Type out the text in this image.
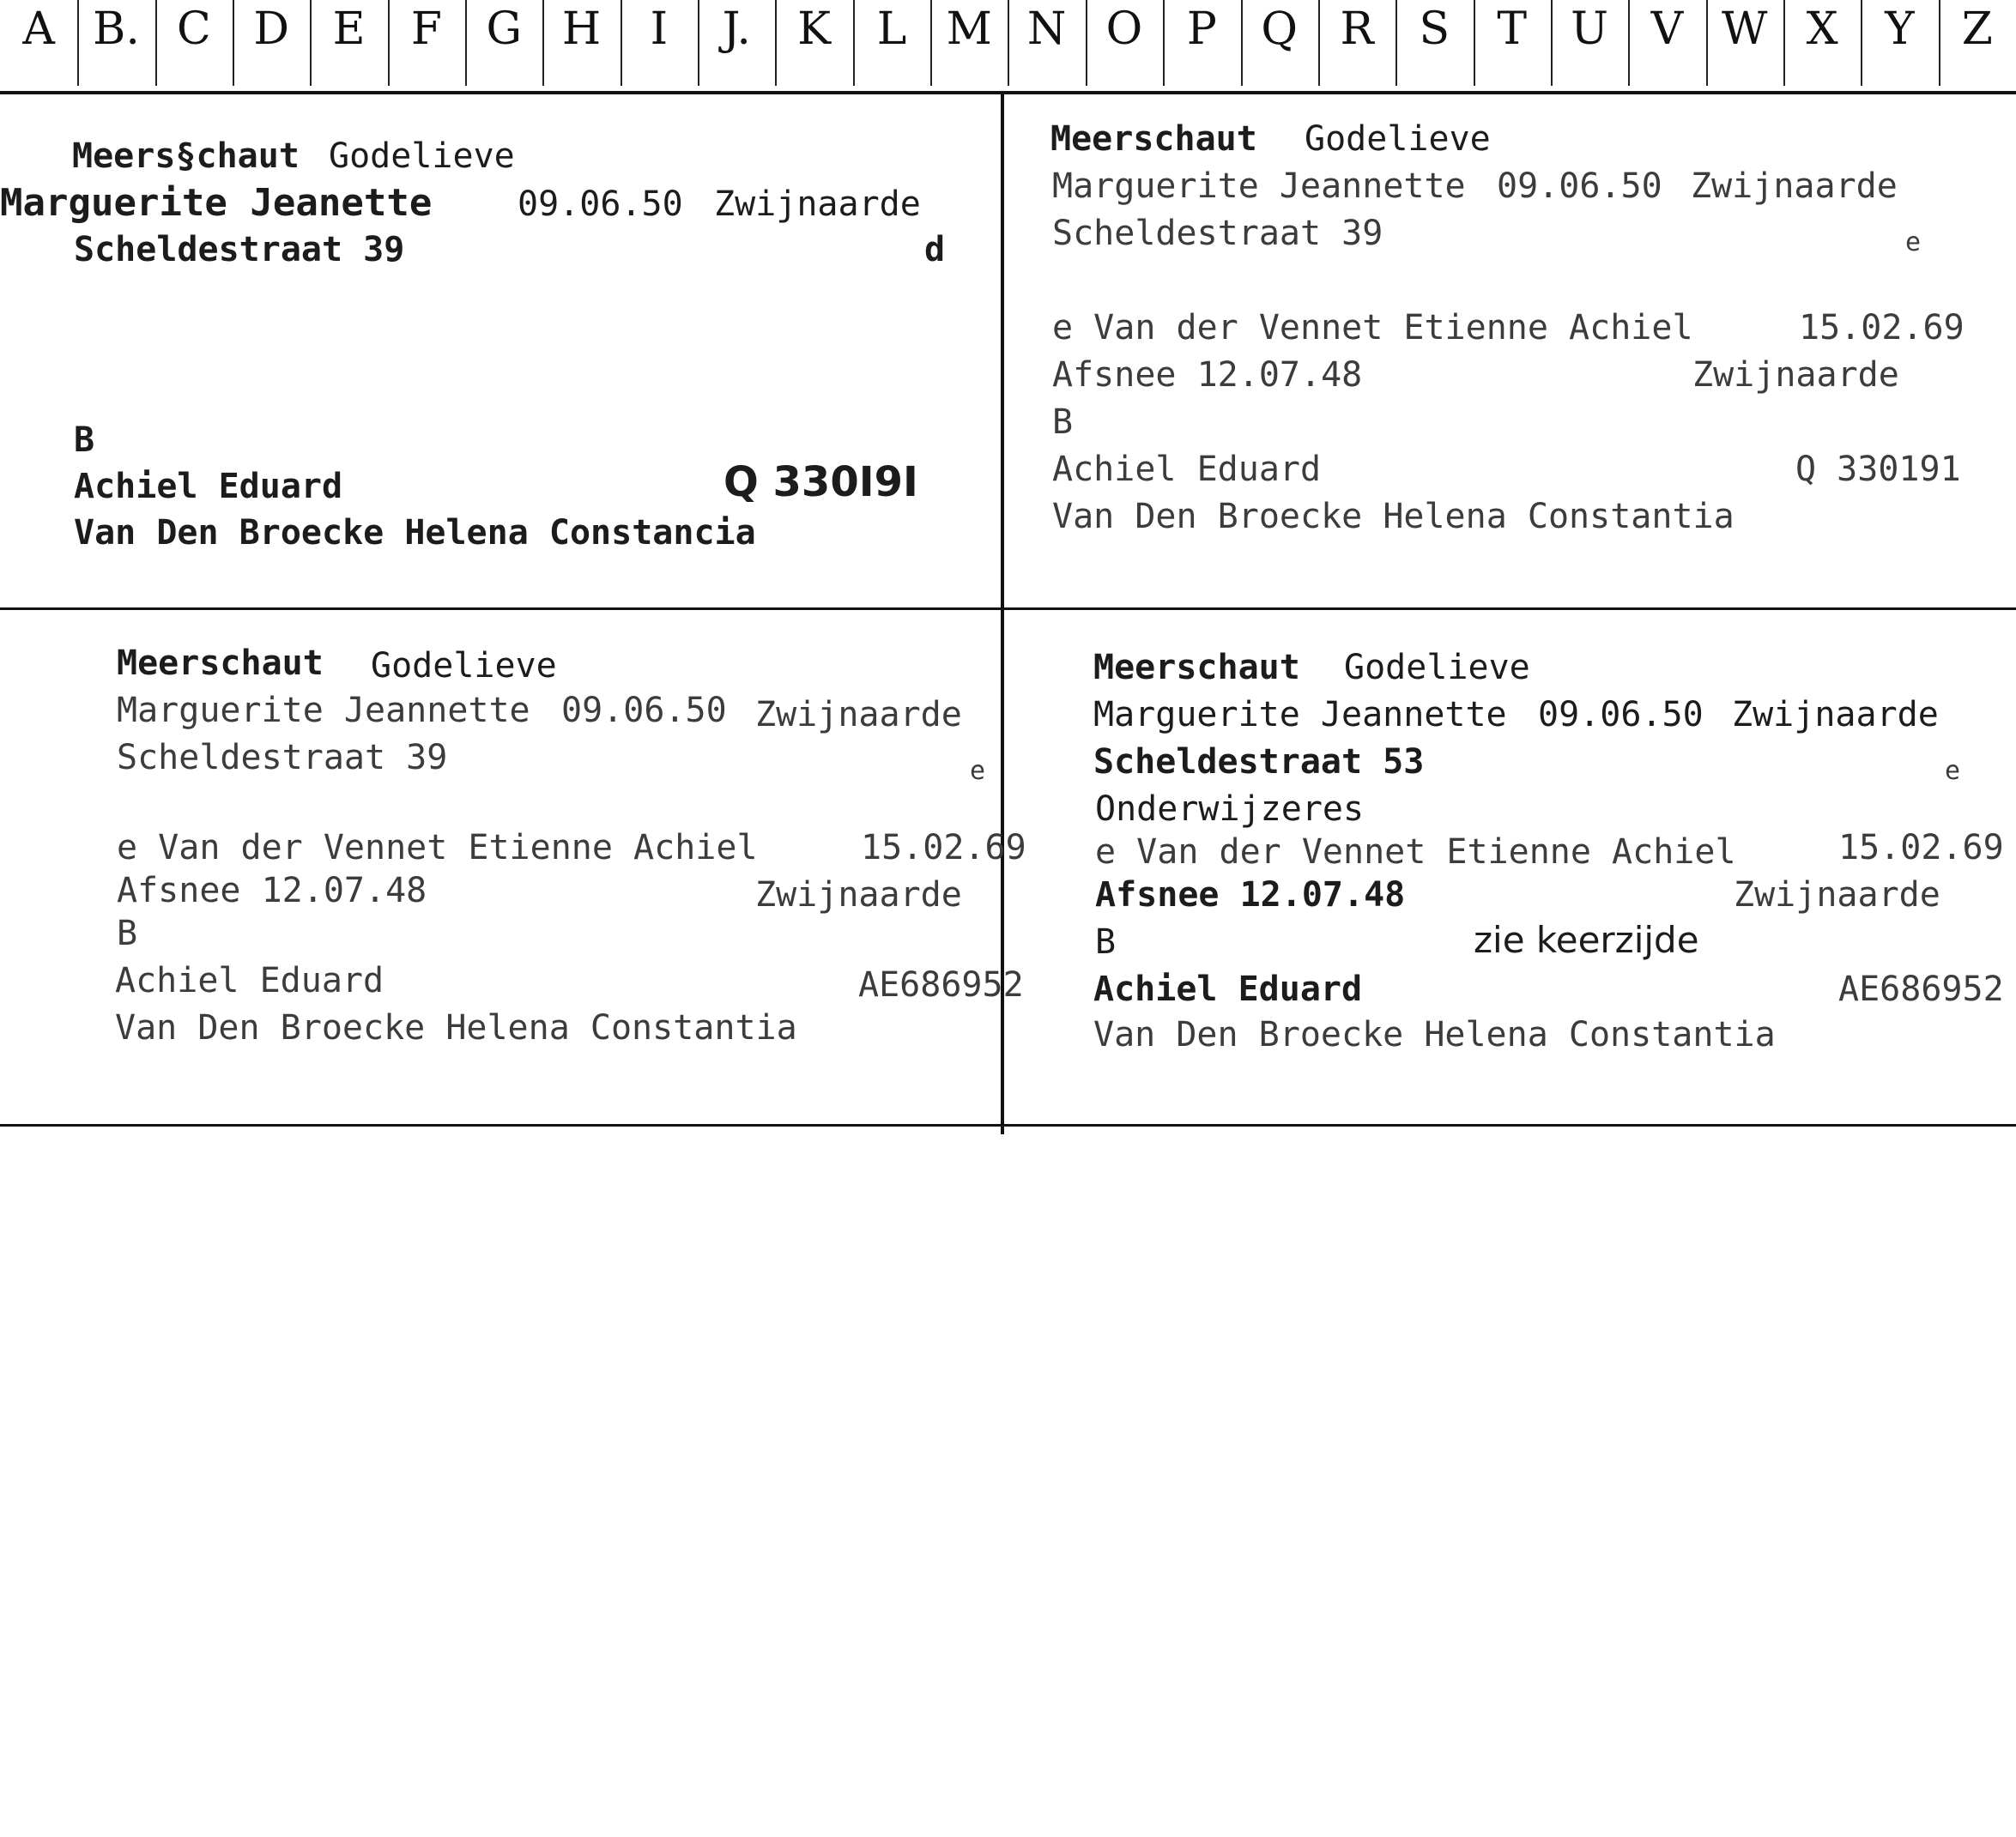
A B. C D E F G H I J. K L M N O P Q R S T U V W X Y Z

Meers§chaut

Godelieve

Marguerite Jeanette

09.06.50

Zwijnaarde

Scheldestraat 39

	d

B

Achiel Eduard

	Q 330I9I

Van Den Broecke Helena Constancia

Meerschaut

Godelieve

Marguerite Jeannette

09.06.50

Zwijnaarde

Scheldestraat 39

	e

e Van der Vennet Etienne Achiel

	15.02.69

Afsnee 12.07.48

	Zwijnaarde

B

Achiel Eduard

	Q 330191

Van Den Broecke Helena Constantia

Meerschaut

Godelieve

Marguerite Jeannette

09.06.50

Zwijnaarde

Scheldestraat 39

	e

e Van der Vennet Etienne Achiel

	15.02.69

Afsnee 12.07.48

	Zwijnaarde

B

Achiel Eduard

	AE686952

Van Den Broecke Helena Constantia

Meerschaut

Godelieve

Marguerite Jeannette

09.06.50

Zwijnaarde

Scheldestraat 53

	e

Onderwijzeres

e Van der Vennet Etienne Achiel

	15.02.69

Afsnee 12.07.48

	Zwijnaarde

B

	zie keerzijde

Achiel Eduard

	AE686952

Van Den Broecke Helena Constantia
